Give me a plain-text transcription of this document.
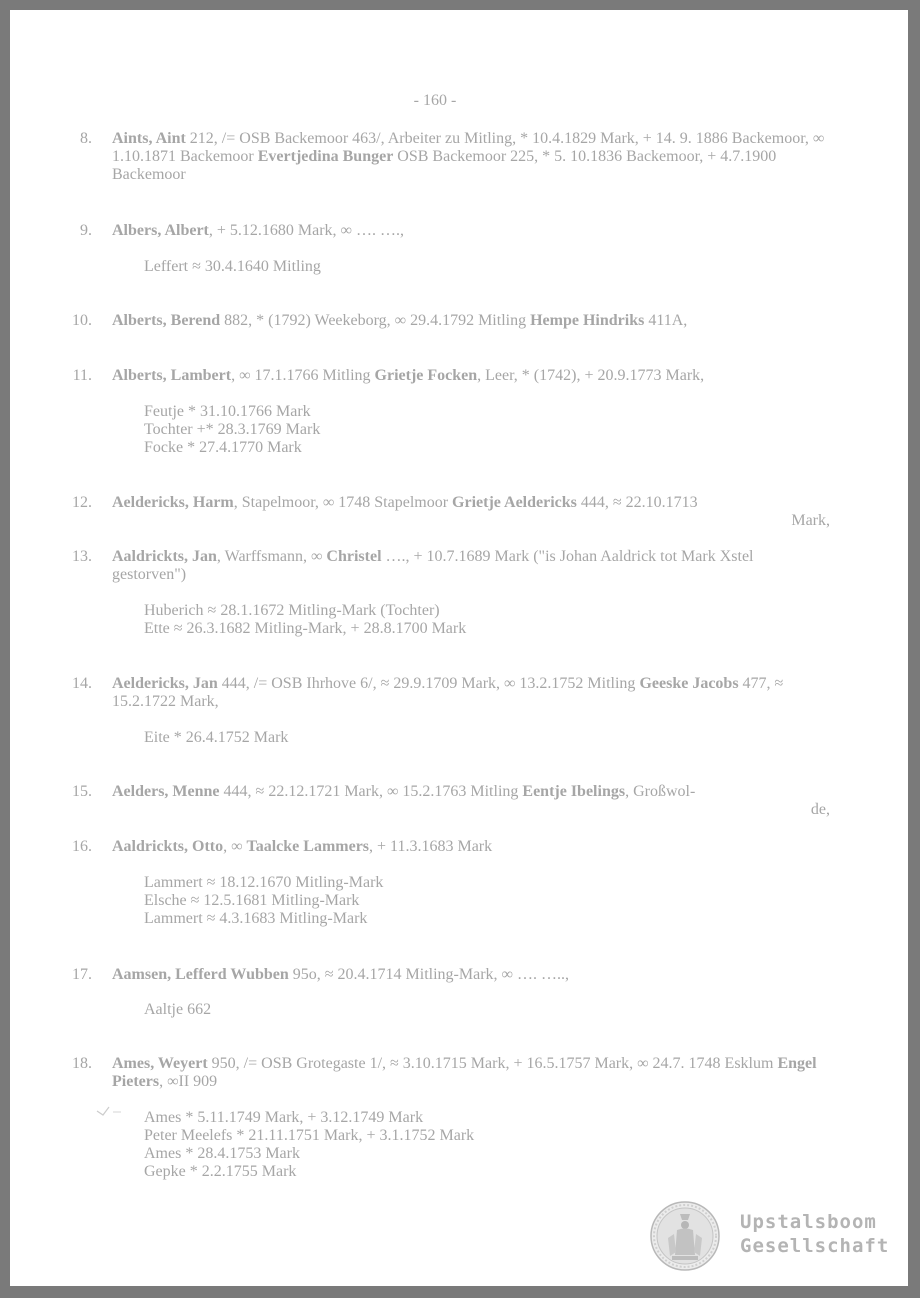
- 160 -
8. Aints, Aint 212, /= OSB Backemoor 463/, Arbeiter zu Mitling, * 10.4.1829 Mark, + 14. 9. 1886 Backemoor, ∞ 1.10.1871 Backemoor Evertjedina Bunger OSB Backemoor 225, * 5. 10.1836 Backemoor, + 4.7.1900 Backemoor
9. Albers, Albert, + 5.12.1680 Mark, ∞ …. ….,
Leffert ≈ 30.4.1640 Mitling
10. Alberts, Berend 882, * (1792) Weekeborg, ∞ 29.4.1792 Mitling Hempe Hindriks 411A,
11. Alberts, Lambert, ∞ 17.1.1766 Mitling Grietje Focken, Leer, * (1742), + 20.9.1773 Mark,
Feutje * 31.10.1766 Mark
Tochter +* 28.3.1769 Mark
Focke * 27.4.1770 Mark
12. Aeldericks, Harm, Stapelmoor, ∞ 1748 Stapelmoor Grietje Aeldericks 444, ≈ 22.10.1713
Mark,
13. Aaldrickts, Jan, Warffsmann, ∞ Christel …., + 10.7.1689 Mark ("is Johan Aaldrick tot Mark Xstel gestorven")
Huberich ≈ 28.1.1672 Mitling-Mark (Tochter)
Ette ≈ 26.3.1682 Mitling-Mark, + 28.8.1700 Mark
14. Aeldericks, Jan 444, /= OSB Ihrhove 6/, ≈ 29.9.1709 Mark, ∞ 13.2.1752 Mitling Geeske Jacobs 477, ≈ 15.2.1722 Mark,
Eite * 26.4.1752 Mark
15. Aelders, Menne 444, ≈ 22.12.1721 Mark, ∞ 15.2.1763 Mitling Eentje Ibelings, Großwol-
de,
16. Aaldrickts, Otto, ∞ Taalcke Lammers, + 11.3.1683 Mark
Lammert ≈ 18.12.1670 Mitling-Mark
Elsche ≈ 12.5.1681 Mitling-Mark
Lammert ≈ 4.3.1683 Mitling-Mark
17. Aamsen, Lefferd Wubben 95o, ≈ 20.4.1714 Mitling-Mark, ∞ …. …..,
Aaltje 662
18. Ames, Weyert 950, /= OSB Grotegaste 1/, ≈ 3.10.1715 Mark, + 16.5.1757 Mark, ∞ 24.7. 1748 Esklum Engel Pieters, ∞II 909
Ames * 5.11.1749 Mark, + 3.12.1749 Mark
Peter Meelefs * 21.11.1751 Mark, + 3.1.1752 Mark
Ames * 28.4.1753 Mark
Gepke * 2.2.1755 Mark
Upstalsboom
Gesellschaft
